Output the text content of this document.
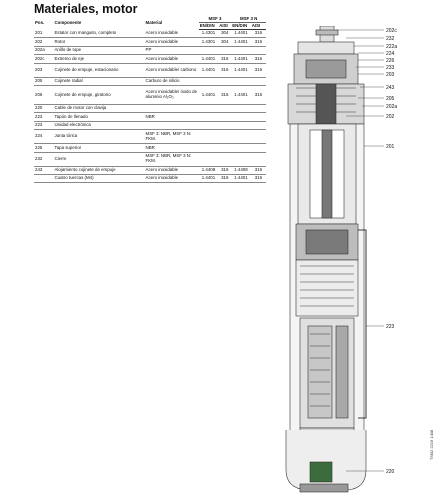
Materiales, motor
Pos.	Componente	Material	MSF 3		MSF 3 N	
			EN/DIN	AISI	EN/DIN	AISI
201	Estator con manguito, completo	Acero inoxidable	1.4301	304	1.4401	316
202	Rotor	Acero inoxidable	1.4301	304	1.4401	316
202a	Anillo de tope	PP				
202c	Extremo de eje	Acero inoxidable	1.4401	316	1.4401	316
203	Cojinete de empuje, estacionario	Acero inoxidable/ carbono	1.4401	316	1.4401	316
205	Cojinete radial	Carburo de silicio				
206	Cojinete de empuje, giratorio	Acero inoxidable/ óxido de aluminio Al₂O₃	1.4401	316	1.4401	316
220	Cable de motor con clavija					
223	Tapón de llenado	NBR				
223	Unidad electrónica					
224	Junta tórica	MSF 3: NBR, MSF 3 N: FKM.				
225	Tapa superior	NBR				
232	Cierre	MSF 3: NBR, MSF 3 N: FKM.				
243	Alojamiento cojinete de empuje	Acero inoxidable	1.4408	316	1.4408	316
	Cuatro tuercas (M4)	Acero inoxidable	1.4401	316	1.4401	316
202c
232
222a
224
226
233
203
243
205
202a
202
201
223
220
TM02 2216 1408
